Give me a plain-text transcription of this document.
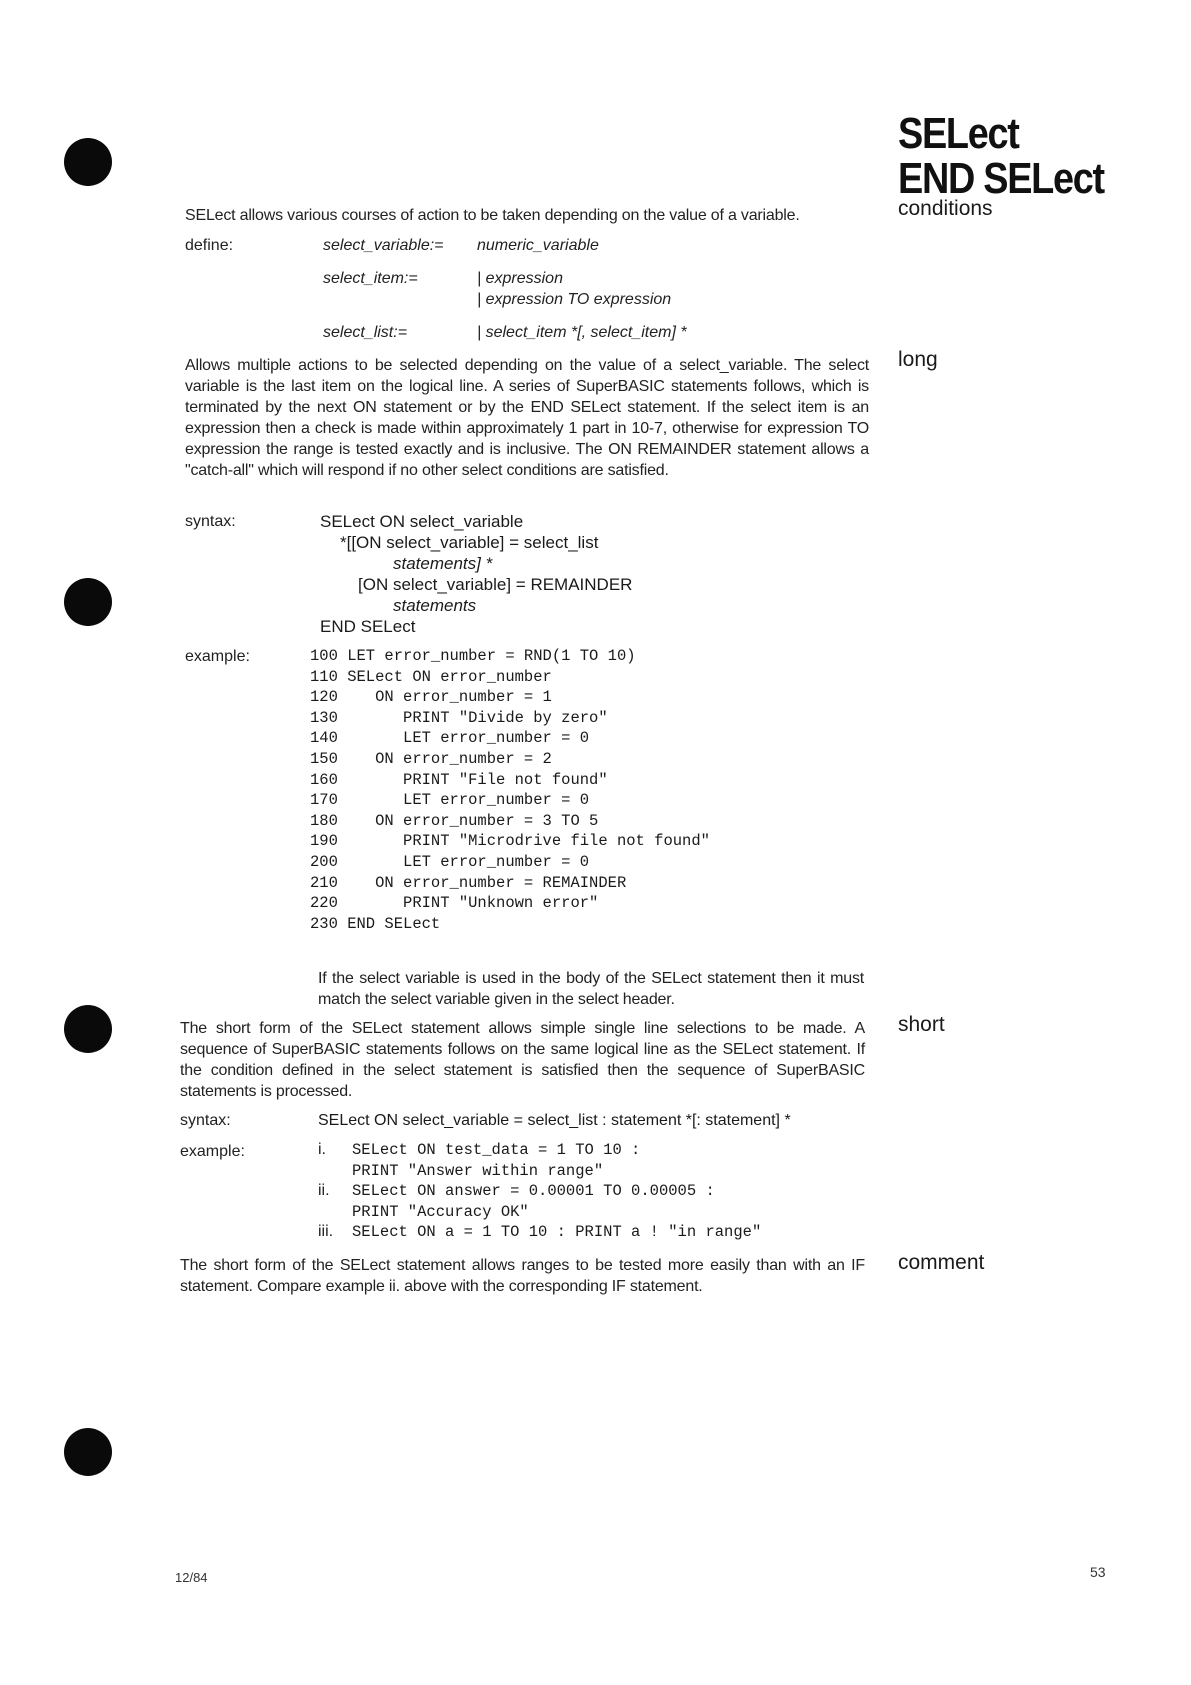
SELect
END SELect
conditions
SELect allows various courses of action to be taken depending on the value of a variable.
define:	select_variable:= numeric_variable
select_item:=	| expression
| expression TO expression
select_list:=	| select_item *[, select_item] *
long
Allows multiple actions to be selected depending on the value of a select_variable. The select variable is the last item on the logical line. A series of SuperBASIC statements follows, which is terminated by the next ON statement or by the END SELect statement. If the select item is an expression then a check is made within approximately 1 part in 10-7, otherwise for expression TO expression the range is tested exactly and is inclusive. The ON REMAINDER statement allows a "catch-all" which will respond if no other select conditions are satisfied.
syntax:	SELect ON select_variable
*[[ON select_variable] = select_list
statements] *
[ON select_variable] = REMAINDER
statements
END SELect
example:	100 LET error_number = RND(1 TO 10)
110 SELect ON error_number
120    ON error_number = 1
130       PRINT "Divide by zero"
140       LET error_number = 0
150    ON error_number = 2
160       PRINT "File not found"
170       LET error_number = 0
180    ON error_number = 3 TO 5
190       PRINT "Microdrive file not found"
200       LET error_number = 0
210    ON error_number = REMAINDER
220       PRINT "Unknown error"
230 END SELect
If the select variable is used in the body of the SELect statement then it must match the select variable given in the select header.
short
The short form of the SELect statement allows simple single line selections to be made. A sequence of SuperBASIC statements follows on the same logical line as the SELect statement. If the condition defined in the select statement is satisfied then the sequence of SuperBASIC statements is processed.
syntax:	SELect ON select_variable = select_list : statement *[: statement] *
example:	i. SELect ON test_data = 1 TO 10 :
PRINT "Answer within range"
ii. SELect ON answer = 0.00001 TO 0.00005 :
PRINT "Accuracy OK"
iii. SELect ON a = 1 TO 10 : PRINT a ! "in range"
comment
The short form of the SELect statement allows ranges to be tested more easily than with an IF statement. Compare example ii. above with the corresponding IF statement.
12/84	53
